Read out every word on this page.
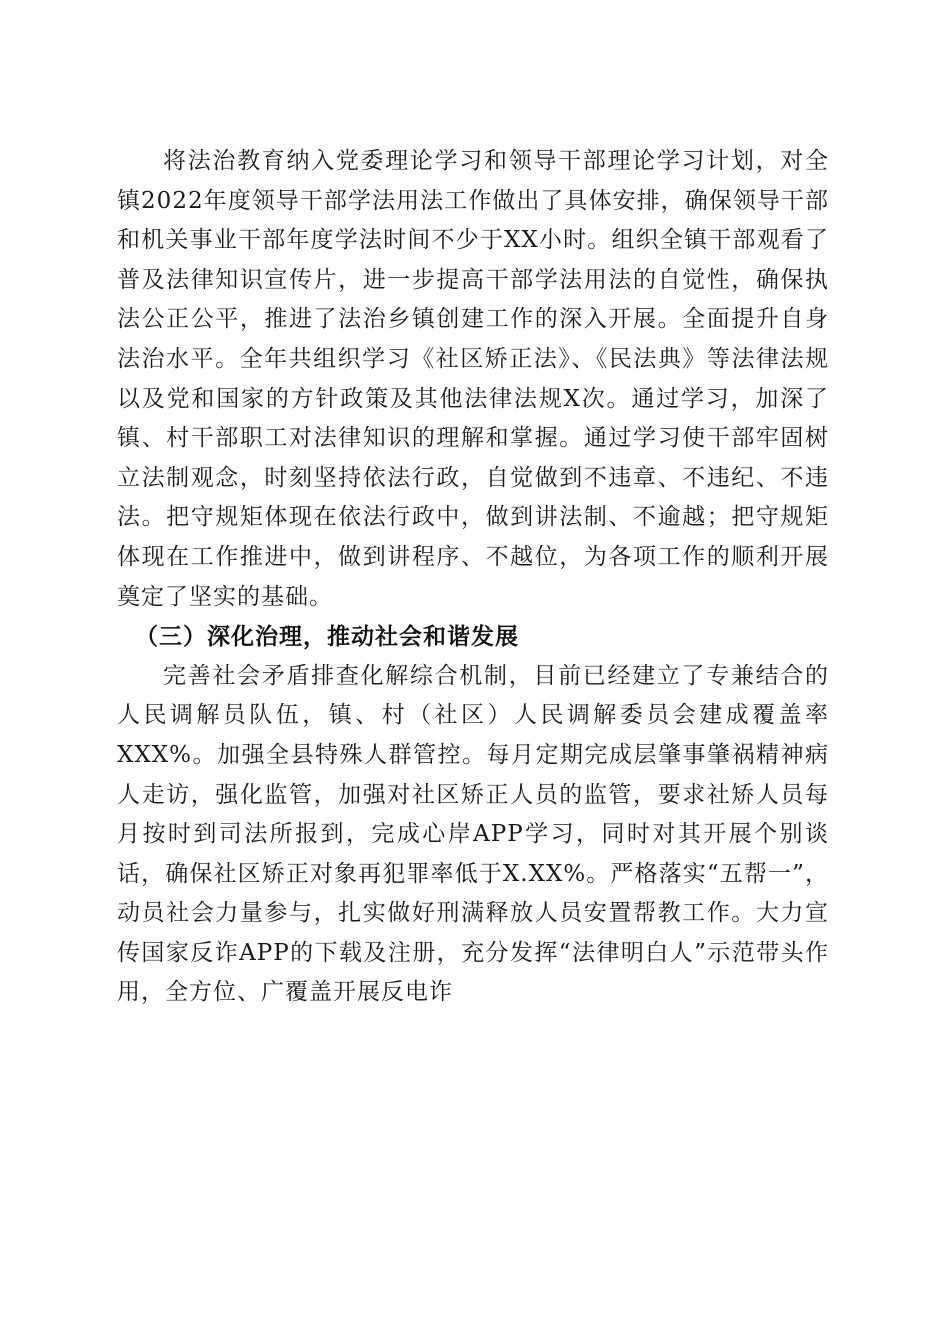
将法治教育纳入党委理论学习和领导干部理论学习计划，对全镇2022年度领导干部学法用法工作做出了具体安排，确保领导干部和机关事业干部年度学法时间不少于XX小时。组织全镇干部观看了普及法律知识宣传片，进一步提高干部学法用法的自觉性，确保执法公正公平，推进了法治乡镇创建工作的深入开展。全面提升自身法治水平。全年共组织学习《社区矫正法》、《民法典》等法律法规以及党和国家的方针政策及其他法律法规X次。通过学习，加深了镇、村干部职工对法律知识的理解和掌握。通过学习使干部牢固树立法制观念，时刻坚持依法行政，自觉做到不违章、不违纪、不违法。把守规矩体现在依法行政中，做到讲法制、不逾越；把守规矩体现在工作推进中，做到讲程序、不越位，为各项工作的顺利开展奠定了坚实的基础。

（三）深化治理，推动社会和谐发展

完善社会矛盾排查化解综合机制，目前已经建立了专兼结合的人民调解员队伍，镇、村（社区）人民调解委员会建成覆盖率XXX%。加强全县特殊人群管控。每月定期完成层肇事肇祸精神病人走访，强化监管，加强对社区矫正人员的监管，要求社矫人员每月按时到司法所报到，完成心岸APP学习，同时对其开展个别谈话，确保社区矫正对象再犯罪率低于X.XX%。严格落实“五帮一”，动员社会力量参与，扎实做好刑满释放人员安置帮教工作。大力宣传国家反诈APP的下载及注册，充分发挥“法律明白人”示范带头作用，全方位、广覆盖开展反电诈
